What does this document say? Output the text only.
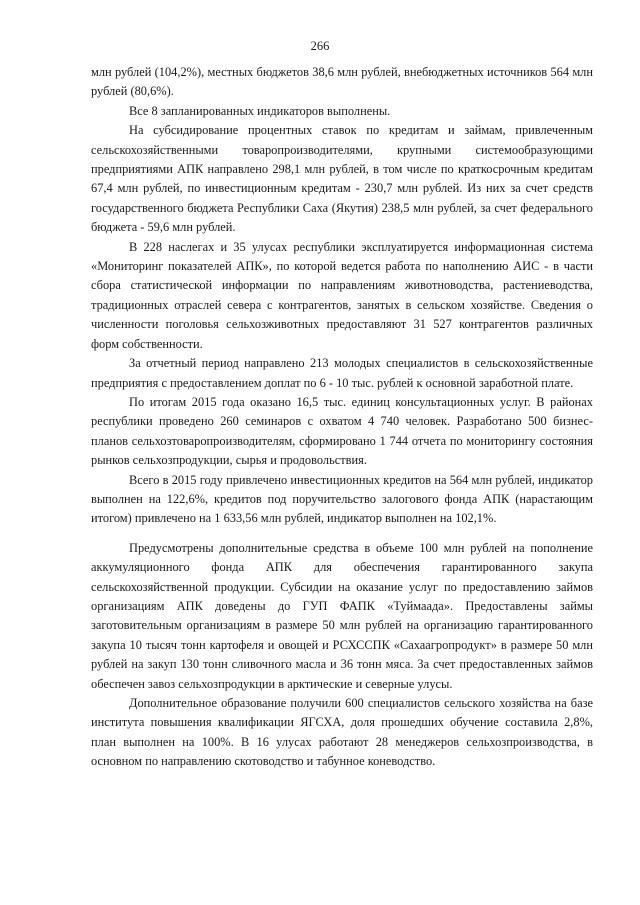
266

млн рублей (104,2%), местных бюджетов 38,6 млн рублей, внебюджетных источников 564 млн рублей (80,6%).

Все 8 запланированных индикаторов выполнены.

На субсидирование процентных ставок по кредитам и займам, привлеченным сельскохозяйственными товаропроизводителями, крупными системообразующими предприятиями АПК направлено 298,1 млн рублей, в том числе по краткосрочным кредитам 67,4 млн рублей, по инвестиционным кредитам - 230,7 млн рублей. Из них за счет средств государственного бюджета Республики Саха (Якутия) 238,5 млн рублей, за счет федерального бюджета - 59,6 млн рублей.

В 228 наслегах и 35 улусах республики эксплуатируется информационная система «Мониторинг показателей АПК», по которой ведется работа по наполнению АИС - в части сбора статистической информации по направлениям животноводства, растениеводства, традиционных отраслей севера с контрагентов, занятых в сельском хозяйстве. Сведения о численности поголовья сельхозживотных предоставляют 31 527 контрагентов различных форм собственности.

За отчетный период направлено 213 молодых специалистов в сельскохозяйственные предприятия с предоставлением доплат по 6 - 10 тыс. рублей к основной заработной плате.

По итогам 2015 года оказано 16,5 тыс. единиц консультационных услуг. В районах республики проведено 260 семинаров с охватом 4 740 человек. Разработано 500 бизнес-планов сельхозтоваропроизводителям, сформировано 1 744 отчета по мониторингу состояния рынков сельхозпродукции, сырья и продовольствия.

Всего в 2015 году привлечено инвестиционных кредитов на 564 млн рублей, индикатор выполнен на 122,6%, кредитов под поручительство залогового фонда АПК (нарастающим итогом) привлечено на 1 633,56 млн рублей, индикатор выполнен на 102,1%.

Предусмотрены дополнительные средства в объеме 100 млн рублей на пополнение аккумуляционного фонда АПК для обеспечения гарантированного закупа сельскохозяйственной продукции. Субсидии на оказание услуг по предоставлению займов организациям АПК доведены до ГУП ФАПК «Туймаада». Предоставлены займы заготовительным организациям в размере 50 млн рублей на организацию гарантированного закупа 10 тысяч тонн картофеля и овощей и РСХССПК «Сахаагропродукт» в размере 50 млн рублей на закуп 130 тонн сливочного масла и 36 тонн мяса. За счет предоставленных займов обеспечен завоз сельхозпродукции в арктические и северные улусы.

Дополнительное образование получили 600 специалистов сельского хозяйства на базе института повышения квалификации ЯГСХА, доля прошедших обучение составила 2,8%, план выполнен на 100%. В 16 улусах работают 28 менеджеров сельхозпроизводства, в основном по направлению скотоводство и табунное коневодство.
